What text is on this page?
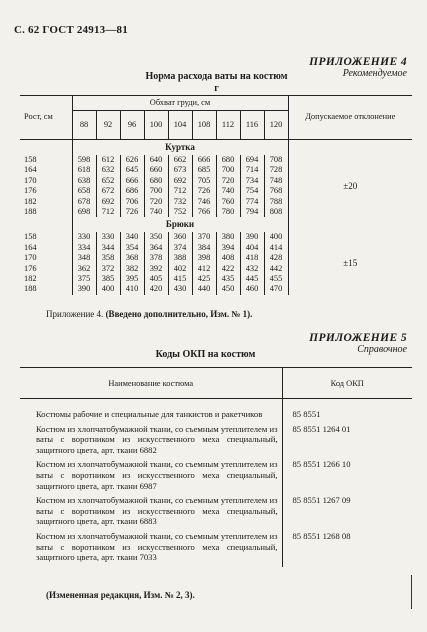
С. 62 ГОСТ 24913—81
ПРИЛОЖЕНИЕ 4
Рекомендуемое
Норма расхода ваты на костюм
г
Рост, см	Обхват груди, см									Допускаемое отклонение
	88	92	96	100	104	108	112	116	120	
	Куртка									
158	598	612	626	640	662	666	680	694	708	±20
164	618	632	645	660	673	685	700	714	728	
170	638	652	666	680	692	705	720	734	748	
176	658	672	686	700	712	726	740	754	768	
182	678	692	706	720	732	746	760	774	788	
188	698	712	726	740	752	766	780	794	808	
	Брюки									
158	330	330	340	350	360	370	380	390	400	±15
164	334	344	354	364	374	384	394	404	414	
170	348	358	368	378	388	398	408	418	428	
176	362	372	382	392	402	412	422	432	442	
182	375	385	395	405	415	425	435	445	455	
188	390	400	410	420	430	440	450	460	470	
Приложение 4. (Введено дополнительно, Изм. № 1).
ПРИЛОЖЕНИЕ 5
Справочное
Коды ОКП на костюм
Наименование костюма	Код ОКП

Костюмы рабочие и специальные для танкистов и ракетчиков	85 8551
Костюм из хлопчатобумажной ткани, со съемным утеплителем из ваты с воротником из искусственного меха специальный, защитного цвета, арт. ткани 6882	85 8551 1264 01
Костюм из хлопчатобумажной ткани, со съемным утеплителем из ваты с воротником из искусственного меха специальный, защитного цвета, арт. ткани 6987	85 8551 1266 10
Костюм из хлопчатобумажной ткани, со съемным утеплителем из ваты с воротником из искусственного меха специальный, защитного цвета, арт. ткани 6883	85 8551 1267 09
Костюм из хлопчатобумажной ткани, со съемным утеплителем из ваты с воротником из искусственного меха специальный, защитного цвета, арт. ткани 7033	85 8551 1268 08
(Измененная редакция, Изм. № 2, 3).
